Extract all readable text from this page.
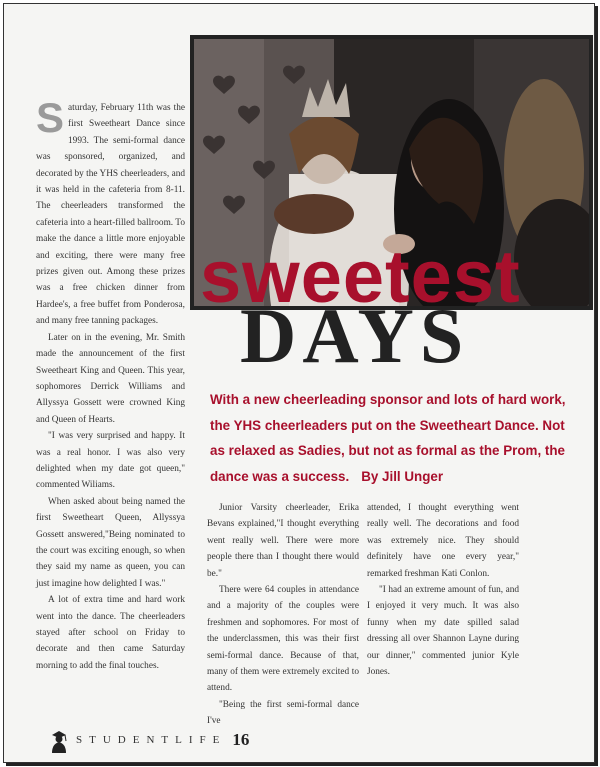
sweetest
DAYS

With a new cheerleading sponsor and lots of hard work, the YHS cheerleaders put on the Sweetheart Dance. Not as relaxed as Sadies, but not as formal as the Prom, the dance was a success. By Jill Unger

Saturday, February 11th was the first Sweetheart Dance since 1993. The semi-formal dance was sponsored, organized, and decorated by the YHS cheerleaders, and it was held in the cafeteria from 8-11. The cheerleaders transformed the cafeteria into a heart-filled ballroom. To make the dance a little more enjoyable and exciting, there were many free prizes given out. Among these prizes was a free chicken dinner from Hardee's, a free buffet from Ponderosa, and many free tanning packages.

Later on in the evening, Mr. Smith made the announcement of the first Sweetheart King and Queen. This year, sophomores Derrick Williams and Allyssya Gossett were crowned King and Queen of Hearts.

"I was very surprised and happy. It was a real honor. I was also very delighted when my date got queen," commented Wiliams.

When asked about being named the first Sweetheart Queen, Allyssya Gossett answered,"Being nominated to the court was exciting enough, so when they said my name as queen, you can just imagine how delighted I was."

A lot of extra time and hard work went into the dance. The cheerleaders stayed after school on Friday to decorate and then came Saturday morning to add the final touches.

Junior Varsity cheerleader, Erika Bevans explained,"I thought everything went really well. There were more people there than I thought there would be."

There were 64 couples in attendance and a majority of the couples were freshmen and sophomores. For most of the underclassmen, this was their first semi-formal dance. Because of that, many of them were extremely excited to attend.

"Being the first semi-formal dance I've

attended, I thought everything went really well. The decorations and food was extremely nice. They should definitely have one every year," remarked freshman Kati Conlon.

"I had an extreme amount of fun, and I enjoyed it very much. It was also funny when my date spilled salad dressing all over Shannon Layne during our dinner," commented junior Kyle Jones.

STUDENTLIFE 16
